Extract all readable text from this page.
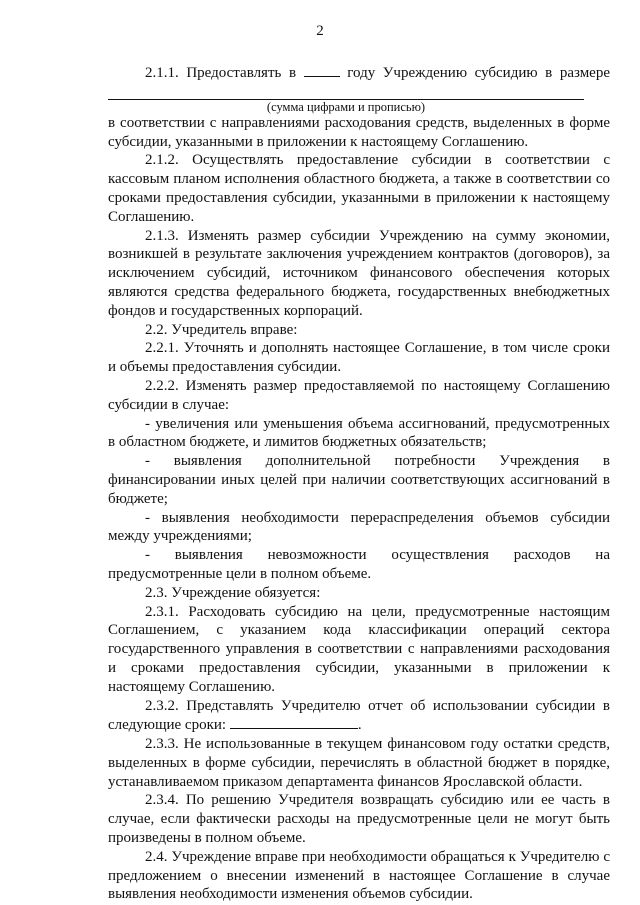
2
2.1.1. Предоставлять в	году Учреждению субсидию в размере
(сумма цифрами и прописью)
в соответствии с направлениями расходования средств, выделенных в форме субсидии, указанными в приложении к настоящему Соглашению.
2.1.2. Осуществлять предоставление субсидии в соответствии с кассовым планом исполнения областного бюджета, а также в соответствии со сроками предоставления субсидии, указанными в приложении к настоящему Соглашению.
2.1.3. Изменять размер субсидии Учреждению на сумму экономии, возникшей в результате заключения учреждением контрактов (договоров), за исключением субсидий, источником финансового обеспечения которых являются средства федерального бюджета, государственных внебюджетных фондов и государственных корпораций.
2.2. Учредитель вправе:
2.2.1. Уточнять и дополнять настоящее Соглашение, в том числе сроки и объемы предоставления субсидии.
2.2.2. Изменять размер предоставляемой по настоящему Соглашению субсидии в случае:
- увеличения или уменьшения объема ассигнований, предусмотренных в областном бюджете, и лимитов бюджетных обязательств;
- выявления дополнительной потребности Учреждения в финансировании иных целей при наличии соответствующих ассигнований в бюджете;
- выявления необходимости перераспределения объемов субсидии между учреждениями;
- выявления невозможности осуществления расходов на предусмотренные цели в полном объеме.
2.3. Учреждение обязуется:
2.3.1. Расходовать субсидию на цели, предусмотренные настоящим Соглашением, с указанием кода классификации операций сектора государственного управления в соответствии с направлениями расходования и сроками предоставления субсидии, указанными в приложении к настоящему Соглашению.
2.3.2. Представлять Учредителю отчет об использовании субсидии в следующие сроки:	.
2.3.3. Не использованные в текущем финансовом году остатки средств, выделенных в форме субсидии, перечислять в областной бюджет в порядке, устанавливаемом приказом департамента финансов Ярославской области.
2.3.4. По решению Учредителя возвращать субсидию или ее часть в случае, если фактически расходы на предусмотренные цели не могут быть произведены в полном объеме.
2.4. Учреждение вправе при необходимости обращаться к Учредителю с предложением о внесении изменений в настоящее Соглашение в случае выявления необходимости изменения объемов субсидии.
